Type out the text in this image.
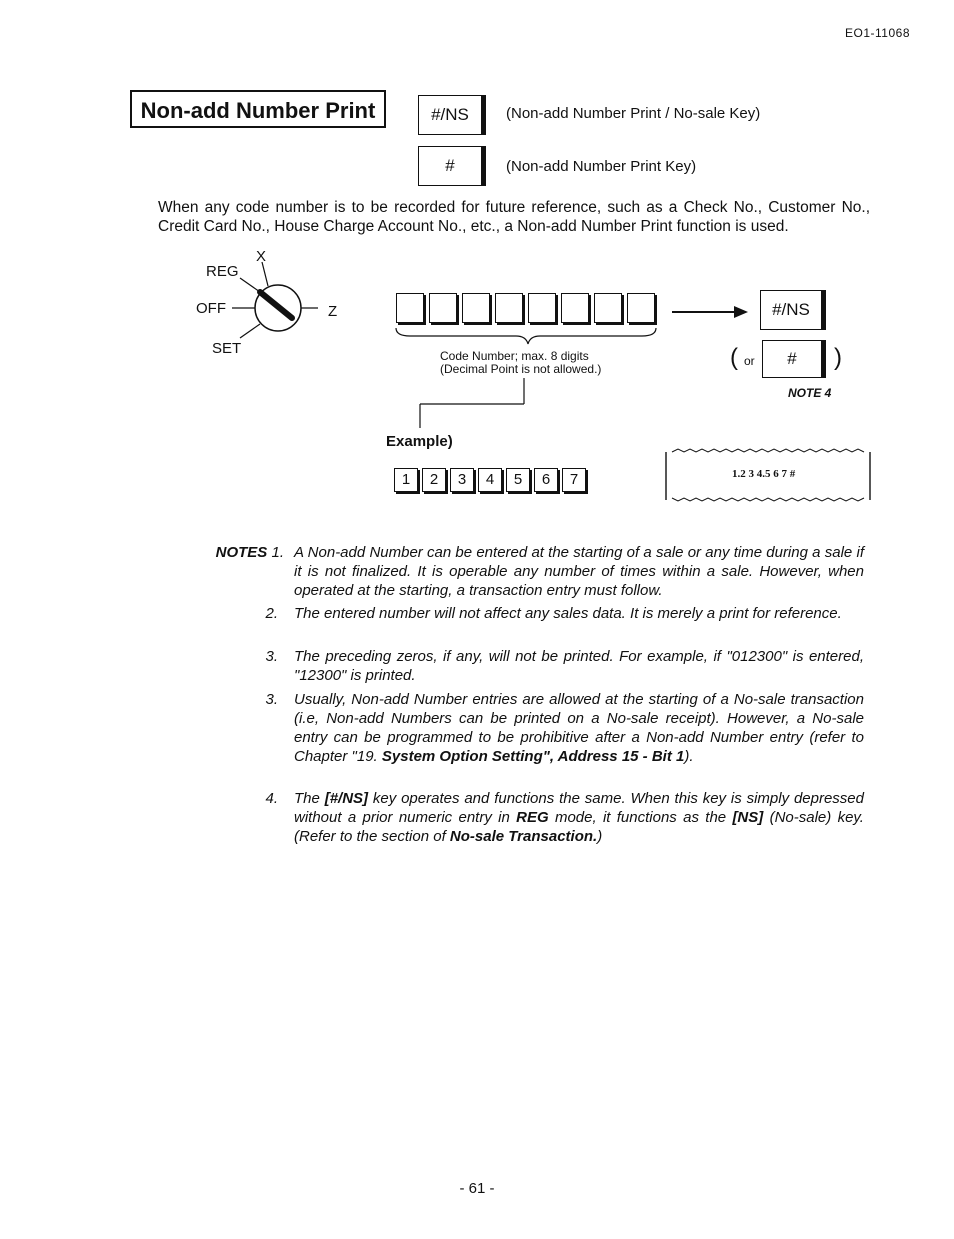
EO1-11068
Non-add Number Print	#/NS	(Non-add Number Print / No-sale Key)
#	(Non-add Number Print Key)
When any code number is to be recorded for future reference, such as a Check No., Customer No., Credit Card No., House Charge Account No., etc., a Non-add Number Print function is used.
X
REG
OFF	Z
SET	Code Number; max. 8 digits
(Decimal Point is not allowed.)
#/NS
( or	#	)
NOTE 4
Example)
1 2 3 4 5 6 7	1.2 3 4.5 6 7 #
NOTES 1. A Non-add Number can be entered at the starting of a sale or any time during a sale if it is not finalized. It is operable any number of times within a sale. However, when operated at the starting, a transaction entry must follow.
2. The entered number will not affect any sales data. It is merely a print for reference.
3. The preceding zeros, if any, will not be printed. For example, if "012300" is entered, "12300" is printed.
3. Usually, Non-add Number entries are allowed at the starting of a No-sale transaction (i.e, Non-add Numbers can be printed on a No-sale receipt). However, a No-sale entry can be programmed to be prohibitive after a Non-add Number entry (refer to Chapter "19. System Option Setting", Address 15 - Bit 1).
4. The [#/NS] key operates and functions the same. When this key is simply depressed without a prior numeric entry in REG mode, it functions as the [NS] (No-sale) key. (Refer to the section of No-sale Transaction.)
- 61 -
